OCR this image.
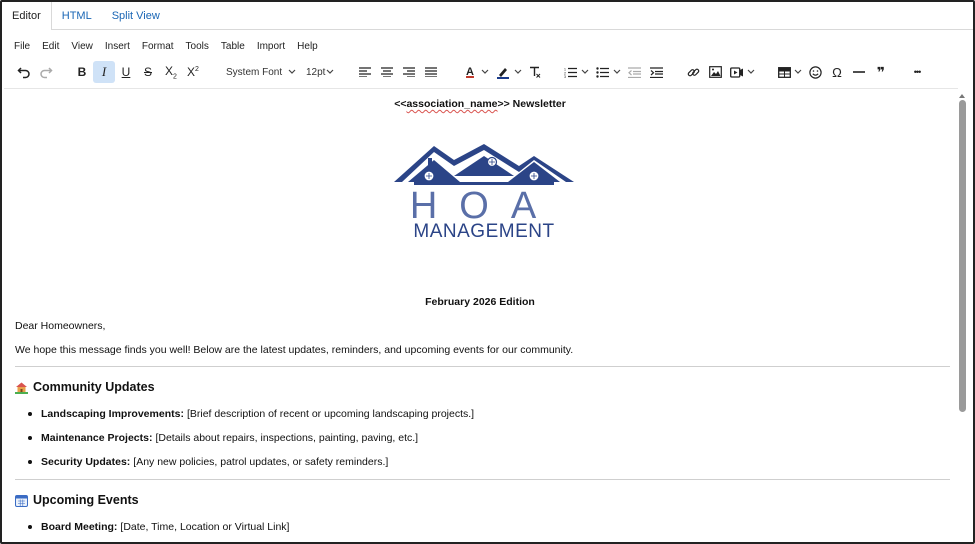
Editor	HTML	Split View
File	Edit	View	Insert	Format	Tools	Table	Import	Help
B I U S $X_2$ $X^2$	System Font 12pt	A	1
2
3	Ω	❞	•••
<<association_name>> Newsletter
HOA
MANAGEMENT
February 2026 Edition
Dear Homeowners,
We hope this message finds you well! Below are the latest updates, reminders, and upcoming events for our community.
Community Updates
Landscaping Improvements: [Brief description of recent or upcoming landscaping projects.]
Maintenance Projects: [Details about repairs, inspections, painting, paving, etc.]
Security Updates: [Any new policies, patrol updates, or safety reminders.]
Upcoming Events
Board Meeting: [Date, Time, Location or Virtual Link]
